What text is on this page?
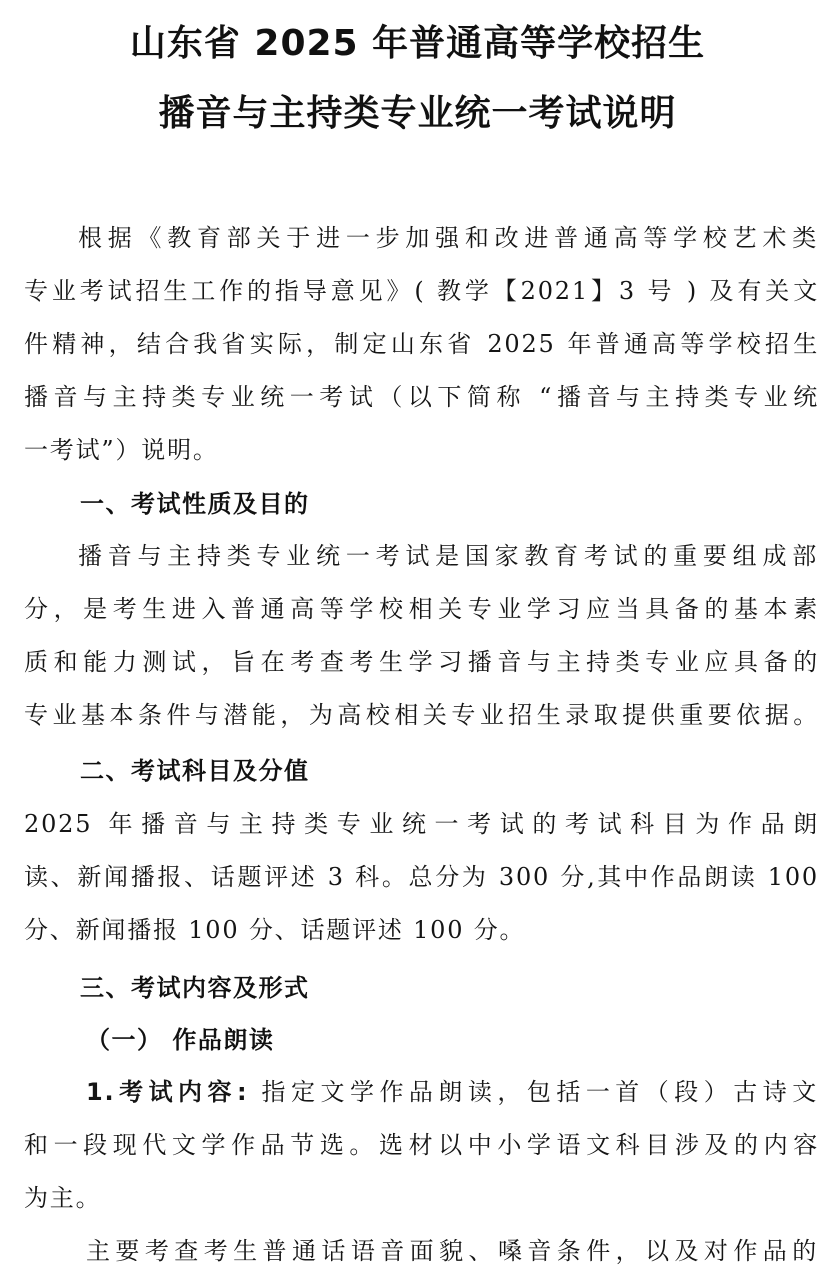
山东省 2025 年普通高等学校招生
播音与主持类专业统一考试说明
根据《教育部关于进一步加强和改进普通高等学校艺术类
专业考试招生工作的指导意见》( 教学【2021】3 号 ) 及有关文
件精神，结合我省实际，制定山东省 2025 年普通高等学校招生
播音与主持类专业统一考试（以下简称 “播音与主持类专业统
一考试”）说明。
一、考试性质及目的
播音与主持类专业统一考试是国家教育考试的重要组成部
分，是考生进入普通高等学校相关专业学习应当具备的基本素
质和能力测试，旨在考查考生学习播音与主持类专业应具备的
专业基本条件与潜能，为高校相关专业招生录取提供重要依据。
二、考试科目及分值
2025 年播音与主持类专业统一考试的考试科目为作品朗
读、新闻播报、话题评述 3 科。总分为 300 分,其中作品朗读 100
分、新闻播报 100 分、话题评述 100 分。
三、考试内容及形式
（一） 作品朗读
1.考试内容: 指定文学作品朗读，包括一首（段）古诗文
和一段现代文学作品节选。选材以中小学语文科目涉及的内容
为主。
主要考查考生普通话语音面貌、嗓音条件，以及对作品的
